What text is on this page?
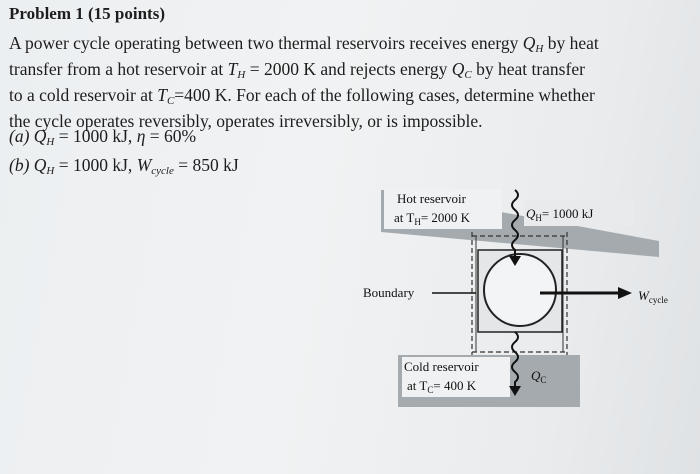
Problem 1 (15 points)
A power cycle operating between two thermal reservoirs receives energy $Q_H$ by heat
transfer from a hot reservoir at $T_H = 2000$ K and rejects energy $Q_C$ by heat transfer
to a cold reservoir at $T_C=400$ K. For each of the following cases, determine whether
the cycle operates reversibly, operates irreversibly, or is impossible.
(a) $Q_H = 1000$ kJ, η = 60%
(b) $Q_H = 1000$ kJ, $W_{cycle} = 850$ kJ
Hot reservoir
at $T_H= 2000$ K	$Q_H= 1000$ kJ
Boundary	$W_{cycle}$
Cold reservoir
at $T_C= 400$ K
$Q_C$
